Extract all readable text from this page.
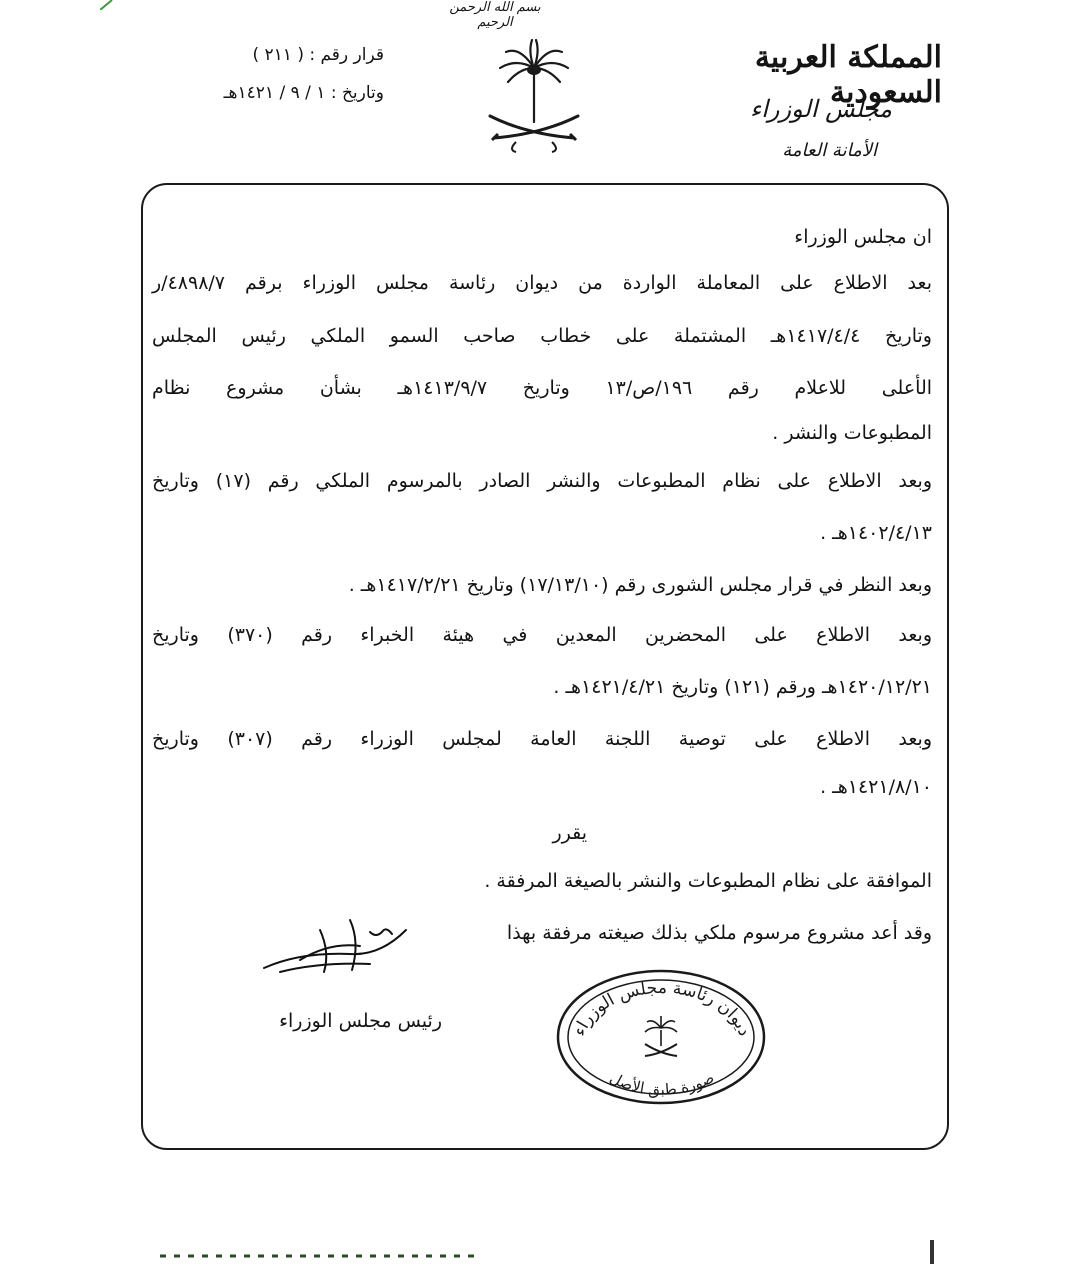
بسم الله الرحمن الرحيم
المملكة العربية السعودية
مجلس الوزراء
الأمانة العامة
قرار رقم : ( ٢١١ )
وتاريخ : ١ / ٩ / ١٤٢١هـ
ان مجلس الوزراء
بعد الاطلاع على المعاملة الواردة من ديوان رئاسة مجلس الوزراء برقم ٤٨٩٨/٧/ر
وتاريخ ١٤١٧/٤/٤هـ المشتملة على خطاب صاحب السمو الملكي رئيس المجلس
الأعلى للاعلام رقم ١٩٦/ص/١٣ وتاريخ ١٤١٣/٩/٧هـ بشأن مشروع نظام
المطبوعات والنشر .
وبعد الاطلاع على نظام المطبوعات والنشر الصادر بالمرسوم الملكي رقم (١٧) وتاريخ
١٤٠٢/٤/١٣هـ .
وبعد النظر في قرار مجلس الشورى رقم (١٧/١٣/١٠) وتاريخ ١٤١٧/٢/٢١هـ .
وبعد الاطلاع على المحضرين المعدين في هيئة الخبراء رقم (٣٧٠) وتاريخ
١٤٢٠/١٢/٢١هـ ورقم (١٢١) وتاريخ ١٤٢١/٤/٢١هـ .
وبعد الاطلاع على توصية اللجنة العامة لمجلس الوزراء رقم (٣٠٧) وتاريخ
١٤٢١/٨/١٠هـ .
يقرر
الموافقة على نظام المطبوعات والنشر بالصيغة المرفقة .
وقد أعد مشروع مرسوم ملكي بذلك صيغته مرفقة بهذا
رئيس مجلس الوزراء	ديوان رئاسة مجلس الوزراء
صورة طبق الأصل
